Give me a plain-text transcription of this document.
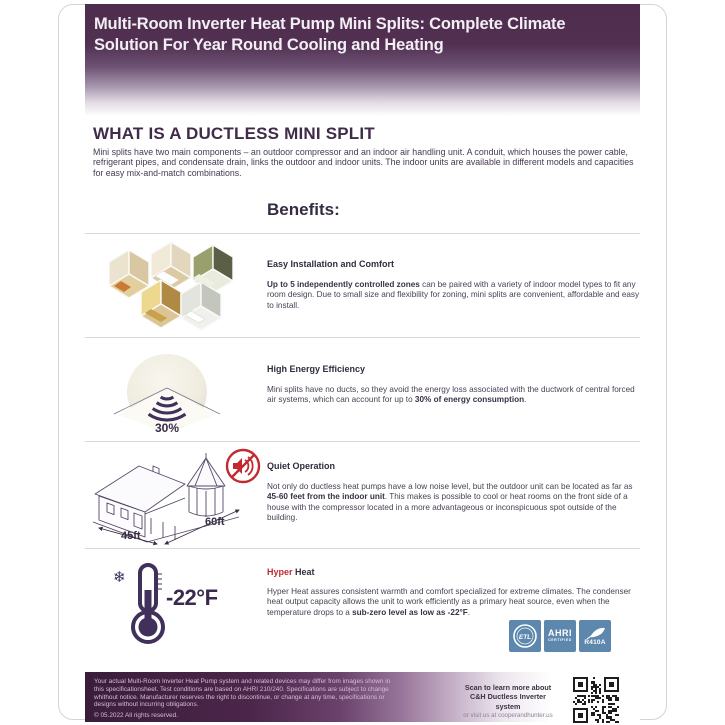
Multi-Room Inverter Heat Pump Mini Splits: Complete Climate Solution For Year Round Cooling and Heating
WHAT IS A DUCTLESS MINI SPLIT

Mini splits have two main components – an outdoor compressor and an indoor air handling unit. A conduit, which houses the power cable, refrigerant pipes, and condensate drain, links the outdoor and indoor units. The indoor units are available in different models and capacities for easy mix-and-match combinations.

Benefits:
Easy Installation and Comfort

Up to 5 independently controlled zones can be paired with a variety of indoor model types to fit any room design. Due to small size and flexibility for zoning, mini splits are convenient, affordable and easy to install.

30%
High Energy Efficiency

Mini splits have no ducts, so they avoid the energy loss associated with the ductwork of central forced air systems, which can account for up to 30% of energy consumption.

45ft
60ft
Quiet Operation

Not only do ductless heat pumps have a low noise level, but the outdoor unit can be located as far as 45-60 feet from the indoor unit. This makes is possible to cool or heat rooms on the front side of a house with the compressor located in a more advantageous or inconspicuous spot outside of the building.

❄
-22°F
Hyper Heat

Hyper Heat assures consistent warmth and comfort specialized for extreme climates. The condenser heat output capacity allows the unit to work efficiently as a primary heat source, even when the temperature drops to a sub-zero level as low as -22°F.

ETL AHRI
CERTIFIED R410A

Your actual Multi-Room Inverter Heat Pump system and related devices may differ from images shown in this specificationsheet. Test conditions are based on AHRI 210/240. Specifications are subject to change whithout notice. Manufacturer reserves the right to discontinue, or change at any time, specifications or designs without incurring obligations.

© 05.2022 All rights reserved.

Scan to learn more about
C&H Ductless Inverter system
or visit us at cooperandhunter.us
